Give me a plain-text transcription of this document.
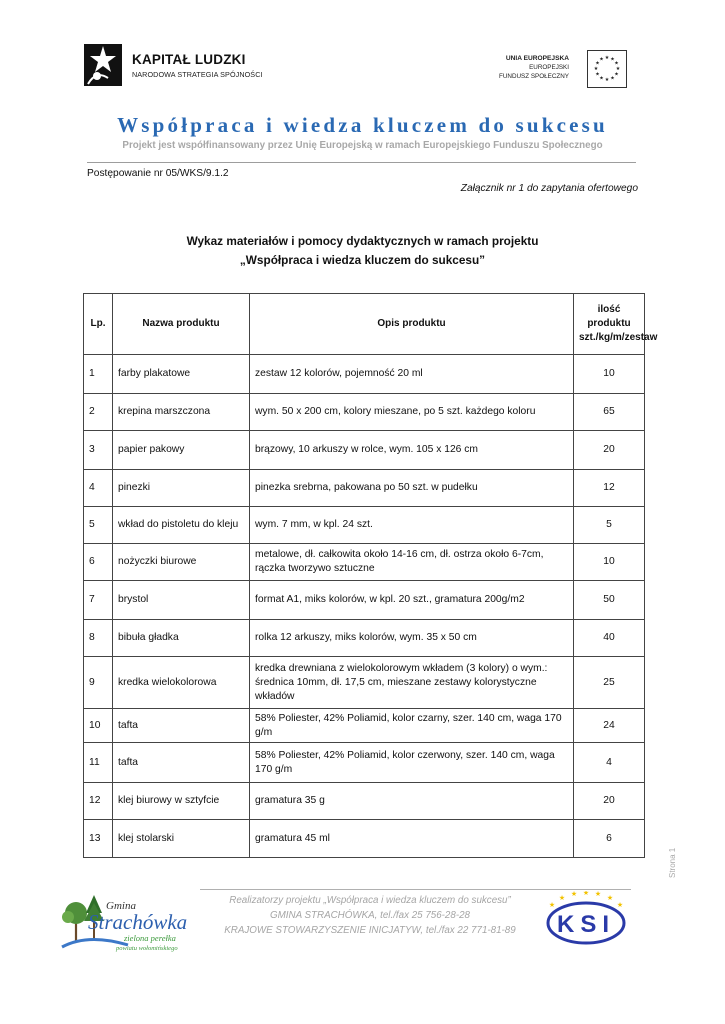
KAPITAŁ LUDZKI
NARODOWA STRATEGIA SPÓJNOŚCI
UNIA EUROPEJSKA
EUROPEJSKI
FUNDUSZ SPOŁECZNY
★ ★
★
★
★
★
★
★
★
★
★
★
Współpraca i wiedza kluczem do sukcesu
Projekt jest współfinansowany przez Unię Europejską w ramach Europejskiego Funduszu Społecznego
Postępowanie nr 05/WKS/9.1.2
Załącznik nr 1 do zapytania ofertowego
Wykaz materiałów i pomocy dydaktycznych w ramach projektu
„Współpraca i wiedza kluczem do sukcesu”
Lp.	Nazwa produktu	Opis produktu	ilość produktu szt./kg/m/zestaw
1	farby plakatowe	zestaw 12 kolorów, pojemność 20 ml	10
2	krepina marszczona	wym. 50 x 200 cm, kolory mieszane, po 5 szt. każdego koloru	65
3	papier pakowy	brązowy, 10 arkuszy w rolce, wym. 105 x 126 cm	20
4	pinezki	pinezka srebrna, pakowana po 50 szt. w pudełku	12
5	wkład do pistoletu do kleju	wym. 7 mm, w kpl. 24 szt.	5
6	nożyczki biurowe	metalowe, dł. całkowita około 14-16 cm, dł. ostrza około 6-7cm, rączka tworzywo sztuczne	10
7	brystol	format A1, miks kolorów, w kpl. 20 szt., gramatura 200g/m2	50
8	bibuła gładka	rolka 12 arkuszy, miks kolorów, wym. 35 x 50 cm	40
9	kredka wielokolorowa	kredka drewniana z wielokolorowym wkładem (3 kolory) o wym.: średnica 10mm, dł. 17,5 cm, mieszane zestawy kolorystyczne wkładów	25
10	tafta	58% Poliester, 42% Poliamid, kolor czarny, szer. 140 cm, waga 170 g/m	24
11	tafta	58% Poliester, 42% Poliamid, kolor czerwony, szer. 140 cm, waga 170 g/m	4
12	klej biurowy w sztyfcie	gramatura 35 g	20
13	klej stolarski	gramatura 45 ml	6
Strona 1
Gmina
Strachówka
zielona perełka
powiatu wołomińskiego
Realizatorzy projektu „Współpraca i wiedza kluczem do sukcesu”
GMINA STRACHÓWKA, tel./fax 25 756-28-28
KRAJOWE STOWARZYSZENIE INICJATYW, tel./fax 22 771-81-89
★
★
★ ★ ★
★
★
KSI
